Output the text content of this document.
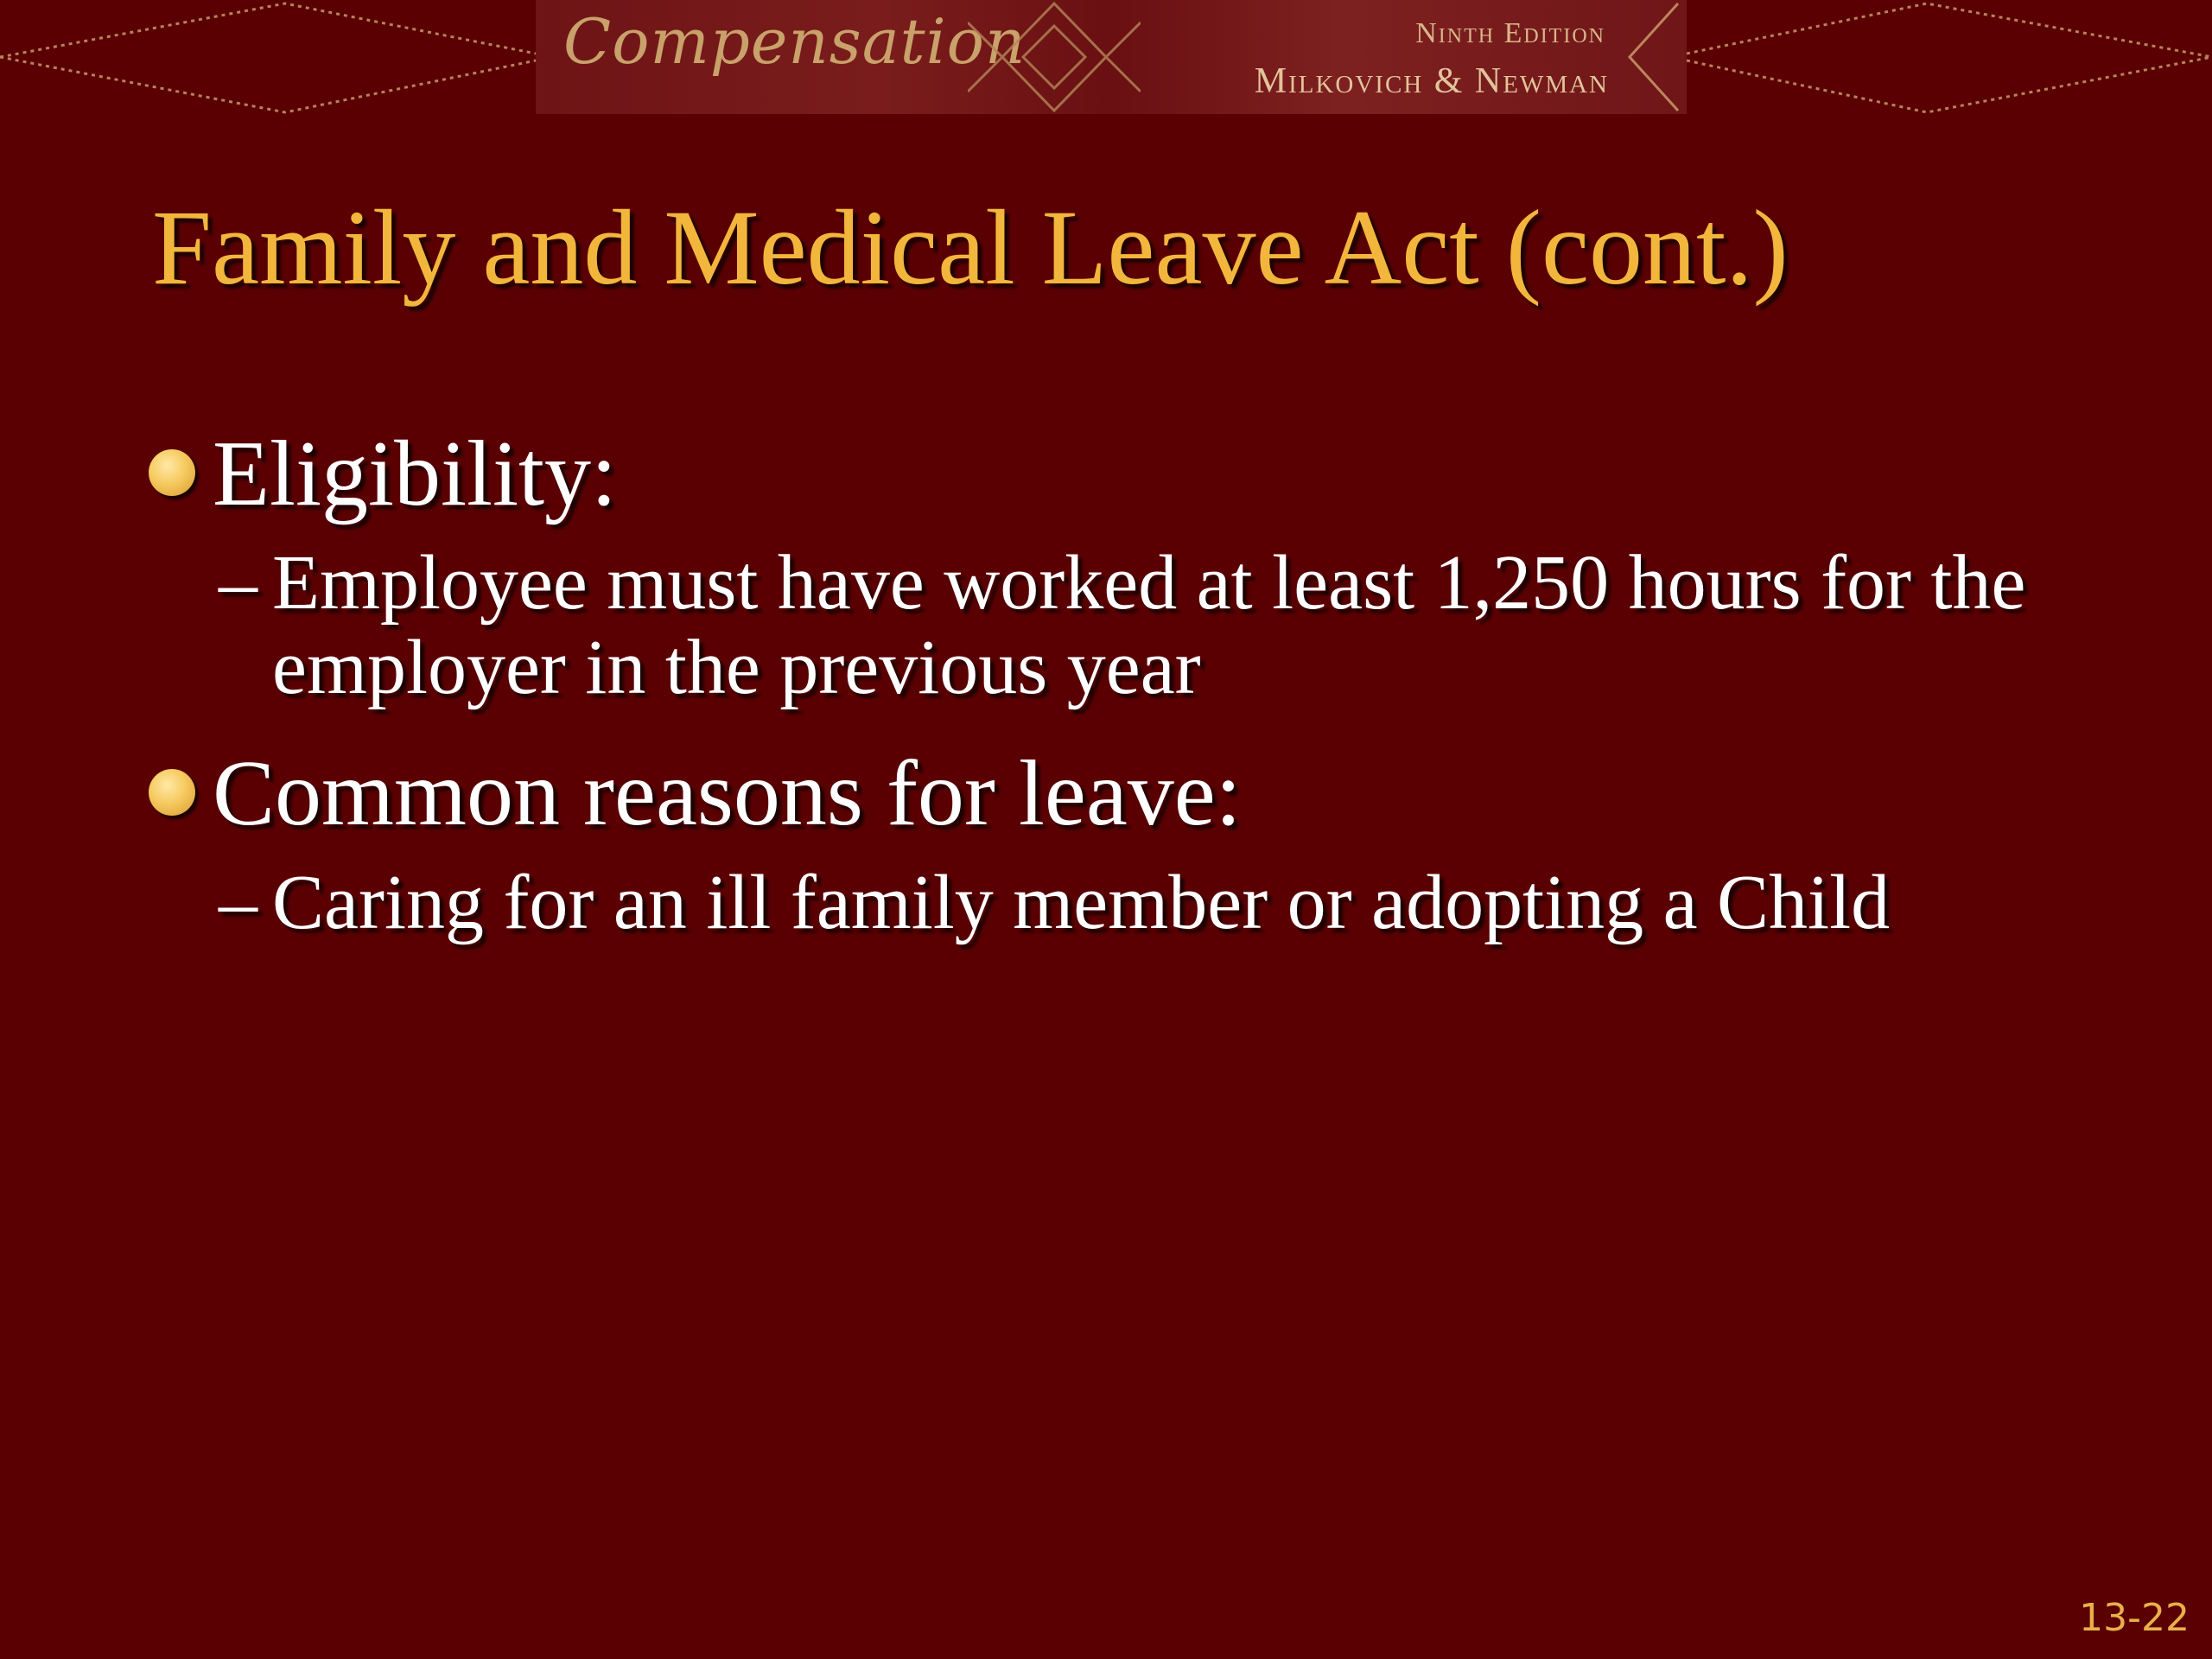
Compensation	Ninth Edition
Milkovich & Newman
Family and Medical Leave Act (cont.)
Eligibility:
– Employee must have worked at least 1,250 hours for the employer in the previous year
Common reasons for leave:
– Caring for an ill family member or adopting a Child
13-22
